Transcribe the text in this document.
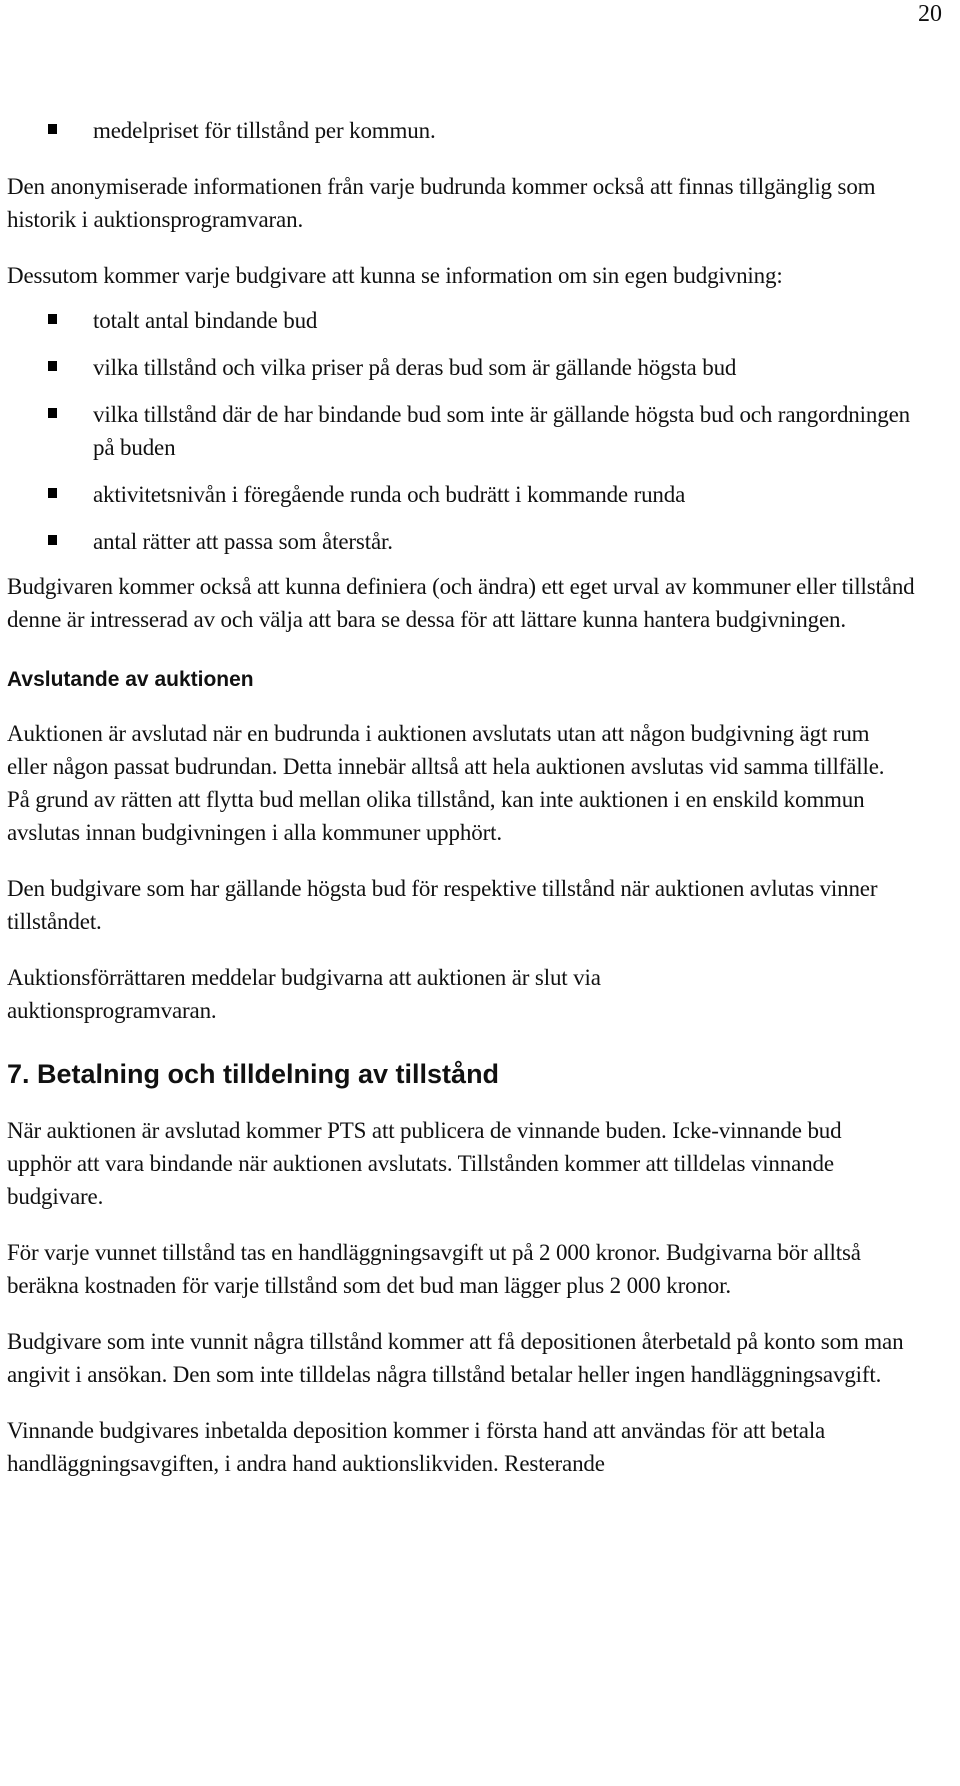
20
medelpriset för tillstånd per kommun.

Den anonymiserade informationen från varje budrunda kommer också att finnas tillgänglig som historik i auktionsprogramvaran.

Dessutom kommer varje budgivare att kunna se information om sin egen budgivning:

totalt antal bindande bud
vilka tillstånd och vilka priser på deras bud som är gällande högsta bud
vilka tillstånd där de har bindande bud som inte är gällande högsta bud och rangordningen på buden
aktivitetsnivån i föregående runda och budrätt i kommande runda
antal rätter att passa som återstår.

Budgivaren kommer också att kunna definiera (och ändra) ett eget urval av kommuner eller tillstånd denne är intresserad av och välja att bara se dessa för att lättare kunna hantera budgivningen.

Avslutande av auktionen

Auktionen är avslutad när en budrunda i auktionen avslutats utan att någon budgivning ägt rum eller någon passat budrundan. Detta innebär alltså att hela auktionen avslutas vid samma tillfälle. På grund av rätten att flytta bud mellan olika tillstånd, kan inte auktionen i en enskild kommun avslutas innan budgivningen i alla kommuner upphört.

Den budgivare som har gällande högsta bud för respektive tillstånd när auktionen avlutas vinner tillståndet.

Auktionsförrättaren meddelar budgivarna att auktionen är slut via auktionsprogramvaran.

7. Betalning och tilldelning av tillstånd

När auktionen är avslutad kommer PTS att publicera de vinnande buden. Icke-vinnande bud upphör att vara bindande när auktionen avslutats. Tillstånden kommer att tilldelas vinnande budgivare.

För varje vunnet tillstånd tas en handläggningsavgift ut på 2 000 kronor. Budgivarna bör alltså beräkna kostnaden för varje tillstånd som det bud man lägger plus 2 000 kronor.

Budgivare som inte vunnit några tillstånd kommer att få depositionen återbetald på konto som man angivit i ansökan. Den som inte tilldelas några tillstånd betalar heller ingen handläggningsavgift.

Vinnande budgivares inbetalda deposition kommer i första hand att användas för att betala handläggningsavgiften, i andra hand auktionslikviden. Resterande
